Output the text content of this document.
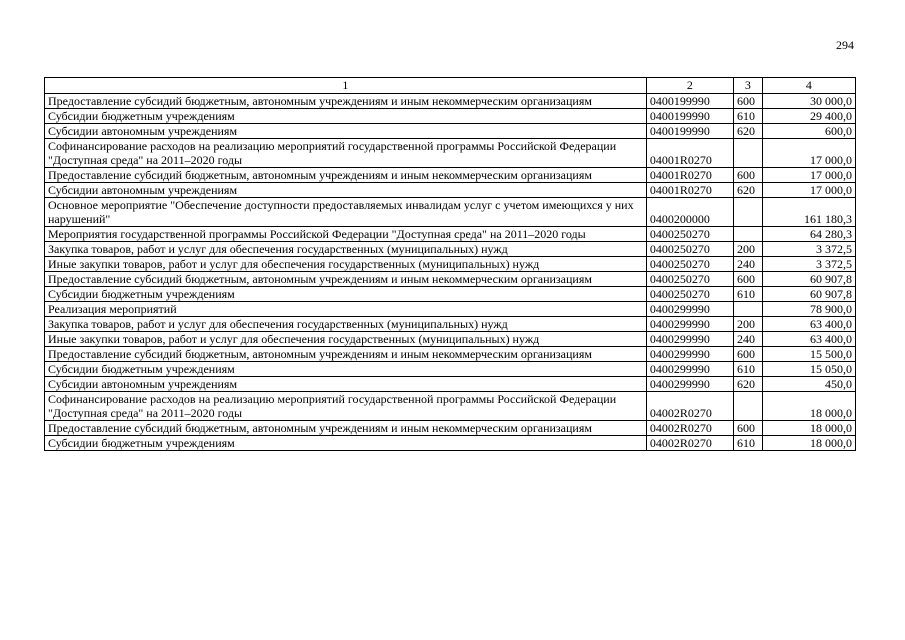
294
1	2	3	4
Предоставление субсидий бюджетным, автономным учреждениям и иным некоммерческим организациям	0400199990	600	30 000,0
Субсидии бюджетным учреждениям	0400199990	610	29 400,0
Субсидии автономным учреждениям	0400199990	620	600,0
Софинансирование расходов на реализацию мероприятий государственной программы Российской Федерации "Доступная среда" на 2011–2020 годы	04001R0270		17 000,0
Предоставление субсидий бюджетным, автономным учреждениям и иным некоммерческим организациям	04001R0270	600	17 000,0
Субсидии автономным учреждениям	04001R0270	620	17 000,0
Основное мероприятие "Обеспечение доступности предоставляемых инвалидам услуг с учетом имеющихся у них нарушений"	0400200000		161 180,3
Мероприятия государственной программы Российской Федерации "Доступная среда" на 2011–2020 годы	0400250270		64 280,3
Закупка товаров, работ и услуг для обеспечения государственных (муниципальных) нужд	0400250270	200	3 372,5
Иные закупки товаров, работ и услуг для обеспечения государственных (муниципальных) нужд	0400250270	240	3 372,5
Предоставление субсидий бюджетным, автономным учреждениям и иным некоммерческим организациям	0400250270	600	60 907,8
Субсидии бюджетным учреждениям	0400250270	610	60 907,8
Реализация мероприятий	0400299990		78 900,0
Закупка товаров, работ и услуг для обеспечения государственных (муниципальных) нужд	0400299990	200	63 400,0
Иные закупки товаров, работ и услуг для обеспечения государственных (муниципальных) нужд	0400299990	240	63 400,0
Предоставление субсидий бюджетным, автономным учреждениям и иным некоммерческим организациям	0400299990	600	15 500,0
Субсидии бюджетным учреждениям	0400299990	610	15 050,0
Субсидии автономным учреждениям	0400299990	620	450,0
Софинансирование расходов на реализацию мероприятий государственной программы Российской Федерации "Доступная среда" на 2011–2020 годы	04002R0270		18 000,0
Предоставление субсидий бюджетным, автономным учреждениям и иным некоммерческим организациям	04002R0270	600	18 000,0
Субсидии бюджетным учреждениям	04002R0270	610	18 000,0
